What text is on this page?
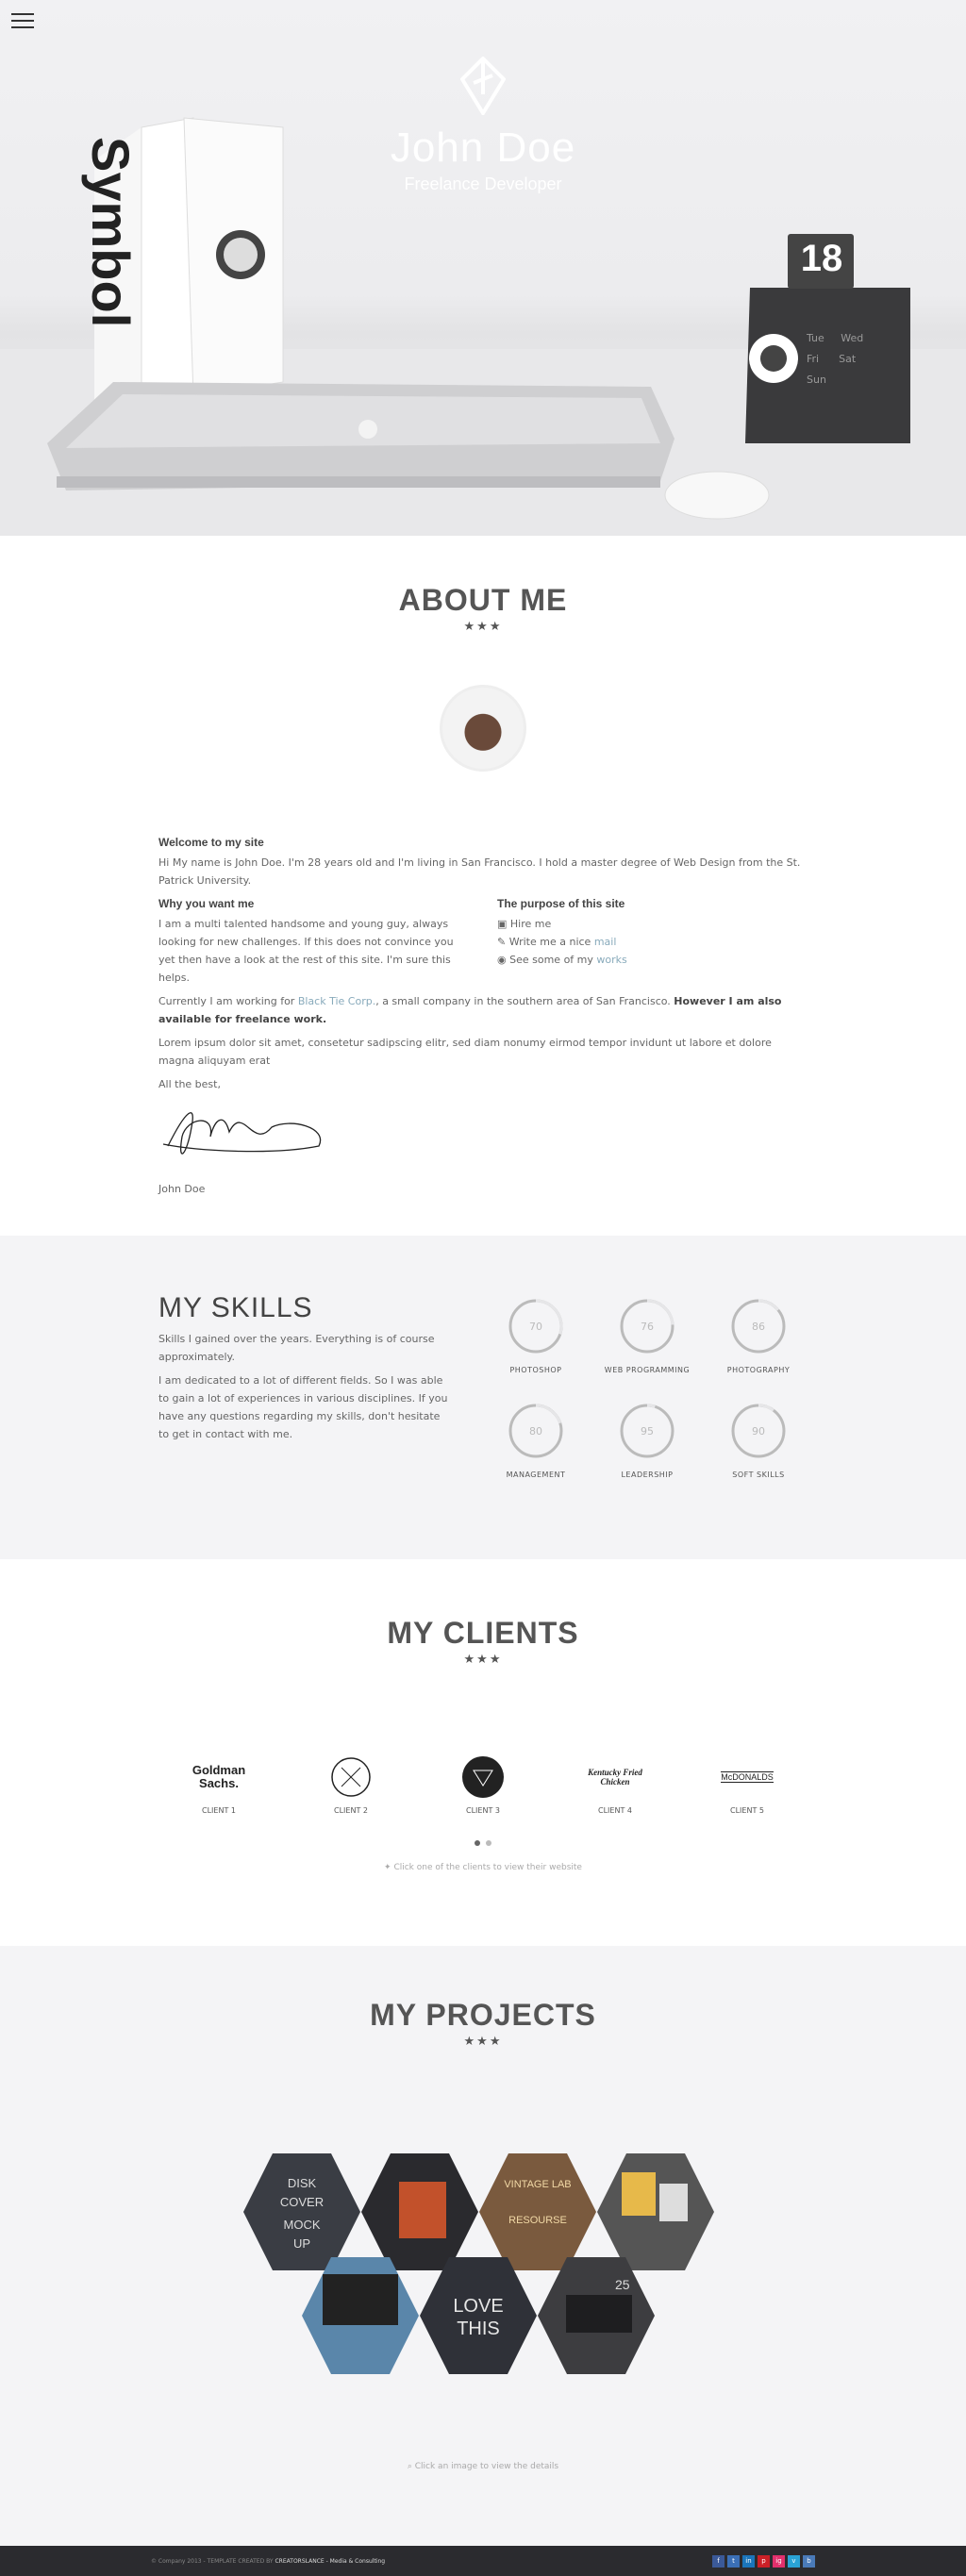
Symbol	18
Tue Wed
Fri Sat
Sun
John Doe
Freelance Developer
ABOUT ME
★★★
Welcome to my site

Hi My name is John Doe. I'm 28 years old and I'm living in San Francisco. I hold a master degree of Web Design from the St. Patrick University.

Why you want me

I am a multi talented handsome and young guy, always looking for new challenges. If this does not convince you yet then have a look at the rest of this site. I'm sure this helps.

The purpose of this site

▣ Hire me

✎ Write me a nice mail

◉ See some of my works

Currently I am working for Black Tie Corp., a small company in the southern area of San Francisco. However I am also available for freelance work.

Lorem ipsum dolor sit amet, consetetur sadipscing elitr, sed diam nonumy eirmod tempor invidunt ut labore et dolore magna aliquyam erat

All the best,

John Doe

MY SKILLS

Skills I gained over the years. Everything is of course approximately.

I am dedicated to a lot of different fields. So I was able to gain a lot of experiences in various disciplines. If you have any questions regarding my skills, don't hesitate to get in contact with me.

70
PHOTOSHOP
76
WEB PROGRAMMING
86
PHOTOGRAPHY
80
MANAGEMENT
95
LEADERSHIP
90
SOFT SKILLS
MY CLIENTS
★★★
Goldman Sachs.
CLIENT 1	CLIENT 2	CLIENT 3
Kentucky Fried Chicken
CLIENT 4
McDONALDS
CLIENT 5
✦ Click one of the clients to view their website
MY PROJECTS
★★★
DISK
COVER
MOCK
UP
VINTAGE LAB
RESOURSE
LOVE
THIS
25
⌕ Click an image to view the details
© Company 2013 - TEMPLATE CREATED BY CREATORSLANCE - Media & Consulting	f	t	in	p	ig	v	b
